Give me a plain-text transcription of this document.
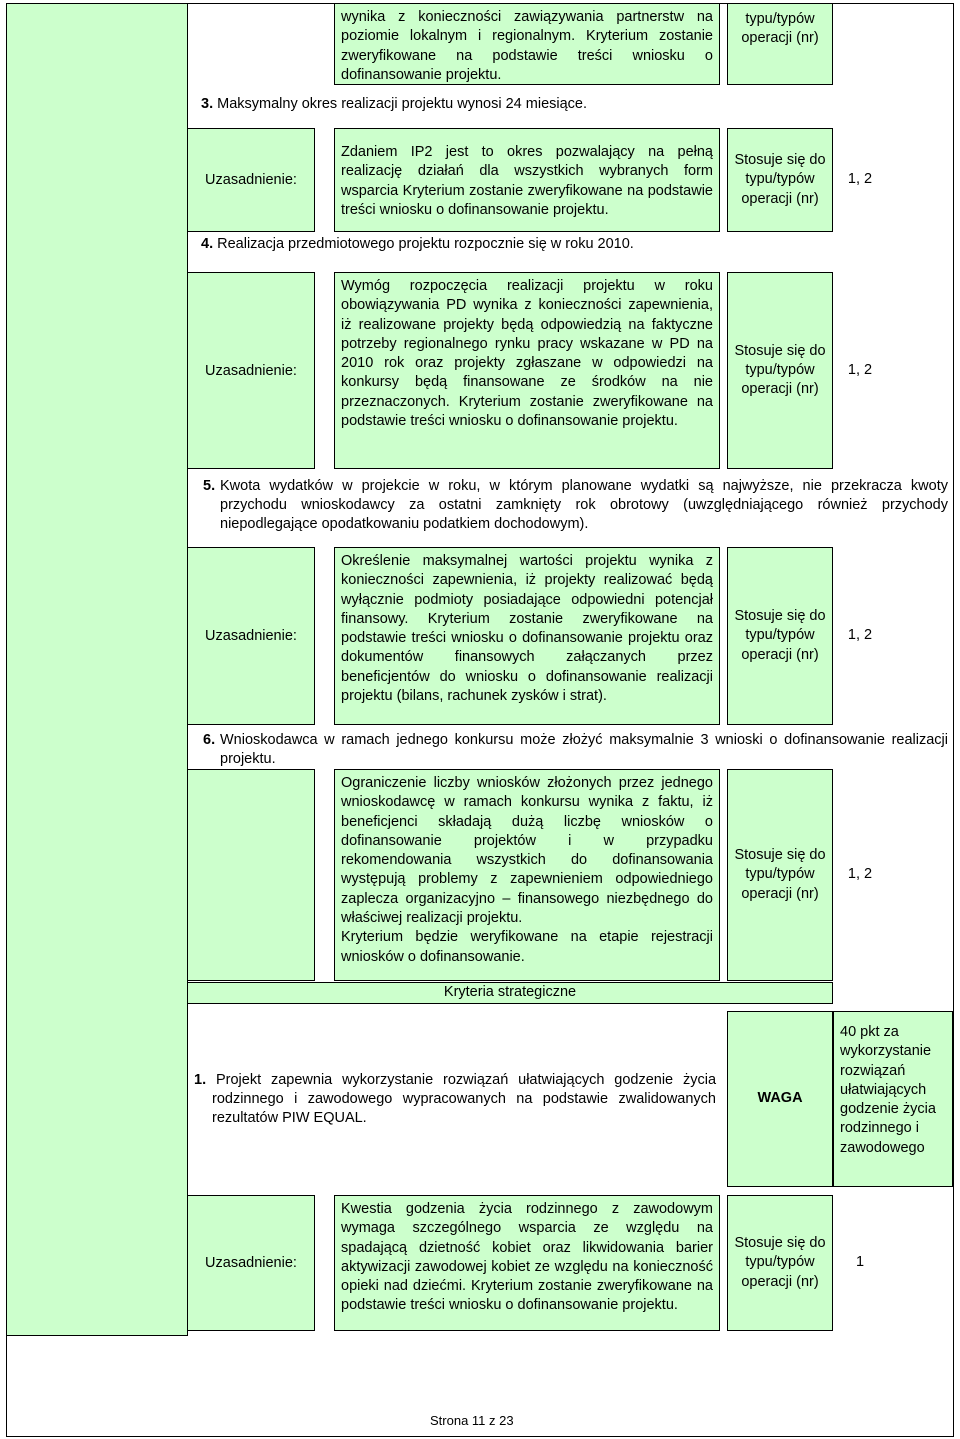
wynika z konieczności zawiązywania partnerstw na poziomie lokalnym i regionalnym. Kryterium zostanie zweryfikowane na podstawie treści wniosku o dofinansowanie projektu.
typu/typów operacji (nr)
3. Maksymalny okres realizacji projektu wynosi 24 miesiące.
Uzasadnienie:
Zdaniem IP2 jest to okres pozwalający na pełną realizację działań dla wszystkich wybranych form wsparcia Kryterium zostanie zweryfikowane na podstawie treści wniosku o dofinansowanie projektu.
Stosuje się do typu/typów operacji (nr)
1, 2
4. Realizacja przedmiotowego projektu rozpocznie się w roku 2010.
Uzasadnienie:
Wymóg rozpoczęcia realizacji projektu w roku obowiązywania PD wynika z konieczności zapewnienia, iż realizowane projekty będą odpowiedzią na faktyczne potrzeby regionalnego rynku pracy wskazane w PD na 2010 rok oraz projekty zgłaszane w odpowiedzi na konkursy będą finansowane ze środków na nie przeznaczonych. Kryterium zostanie zweryfikowane na podstawie treści wniosku o dofinansowanie projektu.
Stosuje się do typu/typów operacji (nr)
1, 2
5. Kwota wydatków w projekcie w roku, w którym planowane wydatki są najwyższe, nie przekracza kwoty przychodu wnioskodawcy za ostatni zamknięty rok obrotowy (uwzględniającego również przychody niepodlegające opodatkowaniu podatkiem dochodowym).
Uzasadnienie:
Określenie maksymalnej wartości projektu wynika z konieczności zapewnienia, iż projekty realizować będą wyłącznie podmioty posiadające odpowiedni potencjał finansowy. Kryterium zostanie zweryfikowane na podstawie treści wniosku o dofinansowanie projektu oraz dokumentów finansowych załączanych przez beneficjentów do wniosku o dofinansowanie realizacji projektu (bilans, rachunek zysków i strat).
Stosuje się do typu/typów operacji (nr)
1, 2
6. Wnioskodawca w ramach jednego konkursu może złożyć maksymalnie 3 wnioski o dofinansowanie realizacji projektu.
Ograniczenie liczby wniosków złożonych przez jednego wnioskodawcę w ramach konkursu wynika z faktu, iż beneficjenci składają dużą liczbę wniosków o dofinansowanie projektów i w przypadku rekomendowania wszystkich do dofinansowania występują problemy z zapewnieniem odpowiedniego zaplecza organizacyjno – finansowego niezbędnego do właściwej realizacji projektu.
Kryterium będzie weryfikowane na etapie rejestracji wniosków o dofinansowanie.
Stosuje się do typu/typów operacji (nr)
1, 2
Kryteria strategiczne
1. Projekt zapewnia wykorzystanie rozwiązań ułatwiających godzenie życia rodzinnego i zawodowego wypracowanych na podstawie zwalidowanych rezultatów PIW EQUAL.
WAGA
40 pkt za wykorzystanie rozwiązań ułatwiających godzenie życia rodzinnego i zawodowego
Uzasadnienie:
Kwestia godzenia życia rodzinnego z zawodowym wymaga szczególnego wsparcia ze względu na spadającą dzietność kobiet oraz likwidowania barier aktywizacji zawodowej kobiet ze względu na konieczność opieki nad dziećmi. Kryterium zostanie zweryfikowane na podstawie treści wniosku o dofinansowanie projektu.
Stosuje się do typu/typów operacji (nr)
1
Strona 11 z 23
